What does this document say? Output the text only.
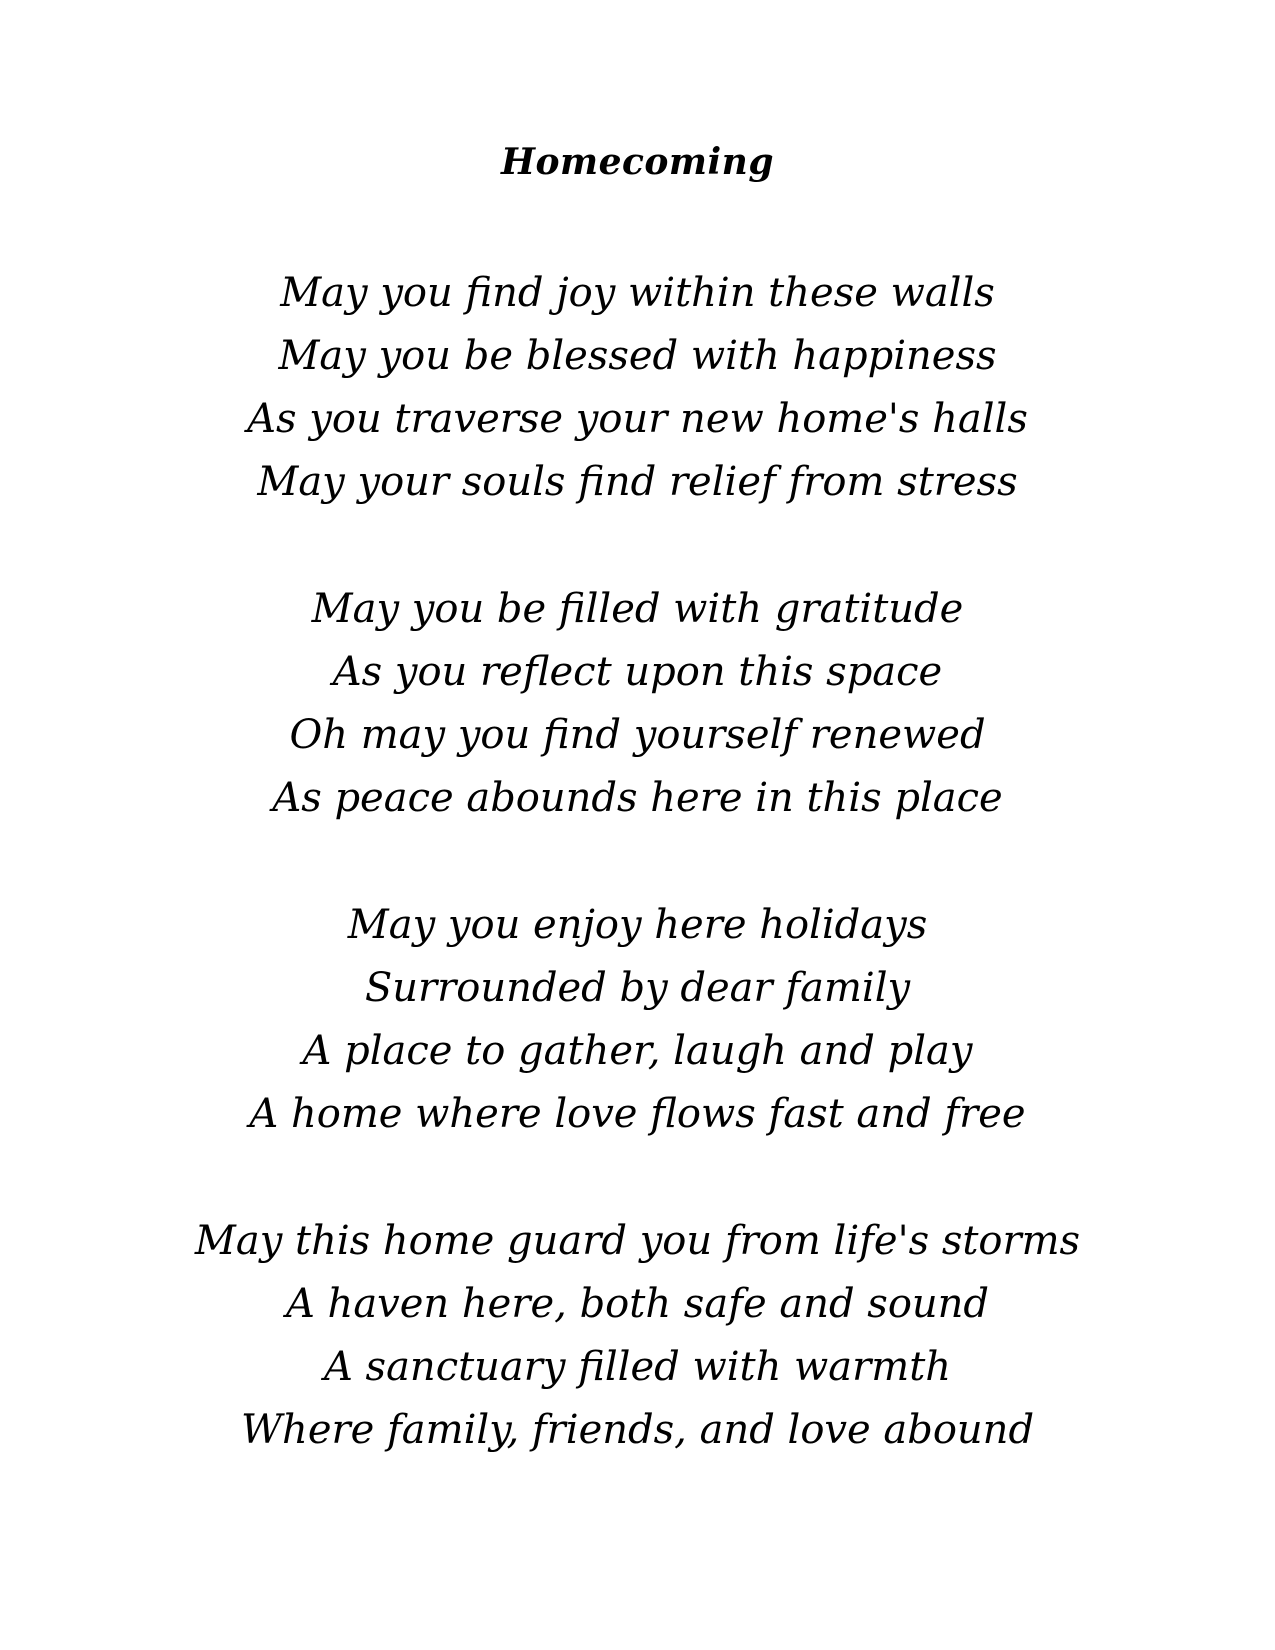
Homecoming
May you find joy within these walls
May you be blessed with happiness
As you traverse your new home's halls
May your souls find relief from stress
May you be filled with gratitude
As you reflect upon this space
Oh may you find yourself renewed
As peace abounds here in this place
May you enjoy here holidays
Surrounded by dear family
A place to gather, laugh and play
A home where love flows fast and free
May this home guard you from life's storms
A haven here, both safe and sound
A sanctuary filled with warmth
Where family, friends, and love abound
